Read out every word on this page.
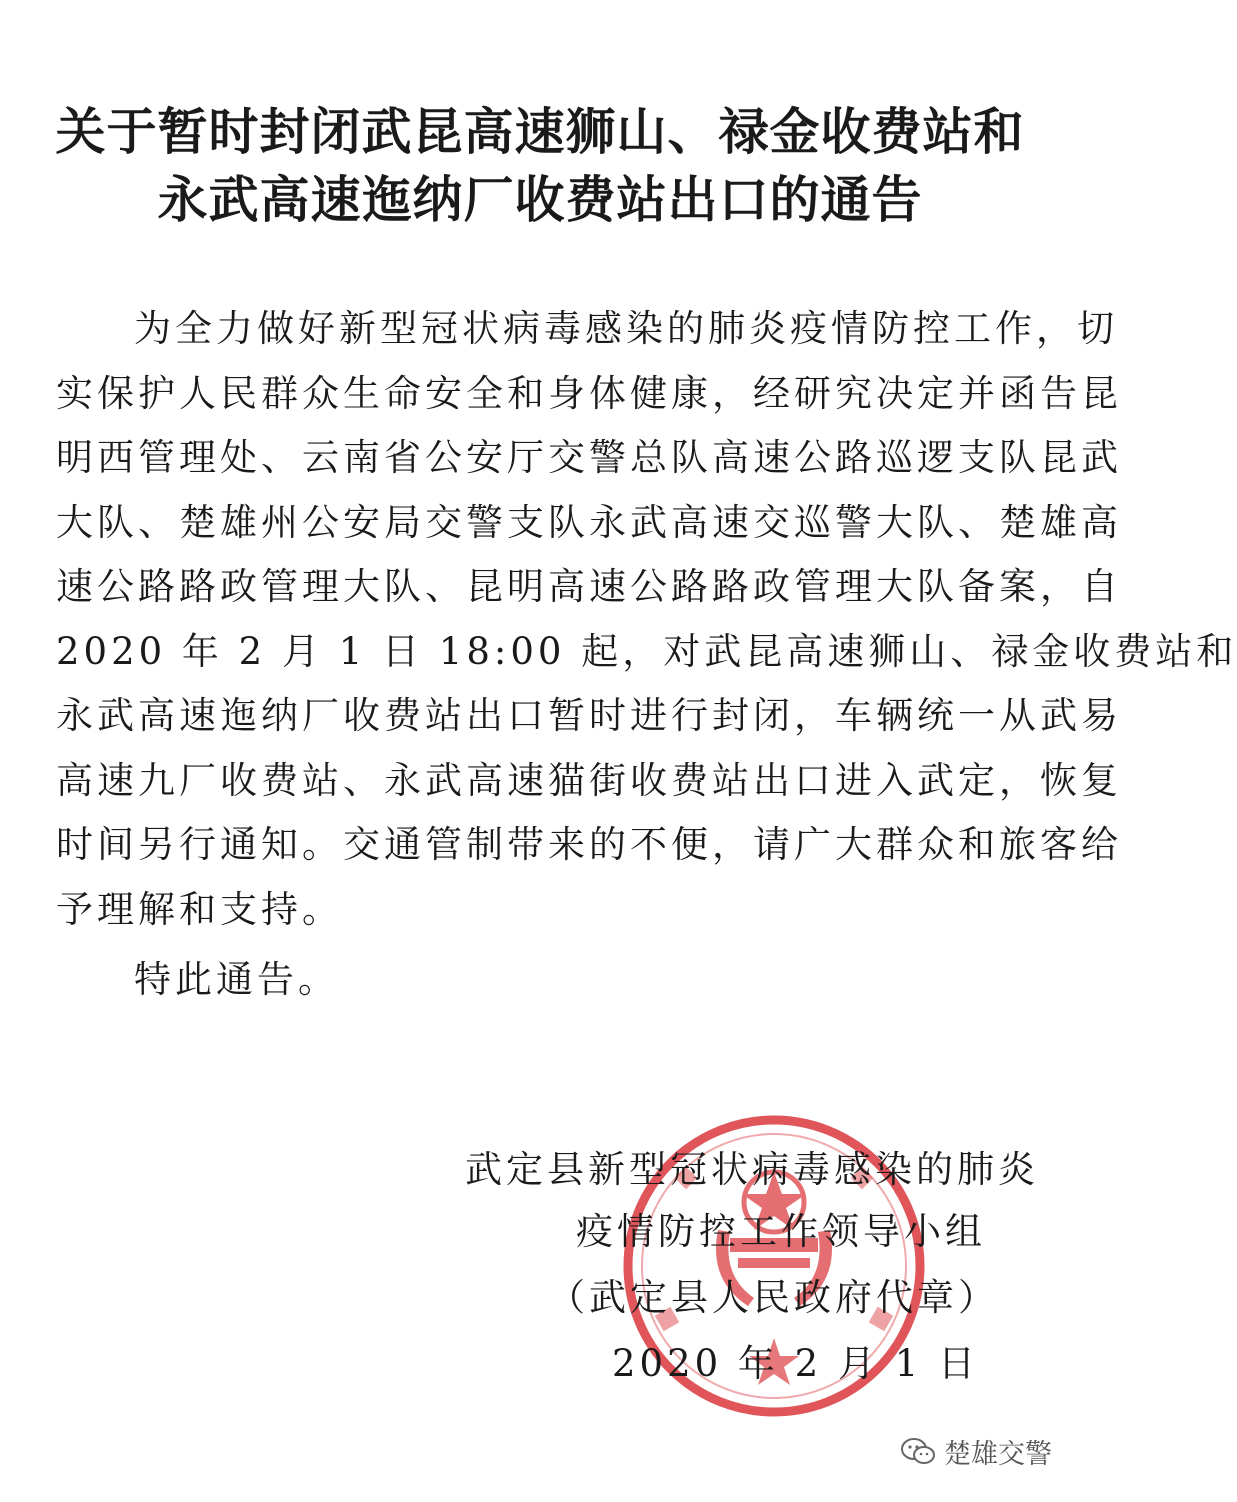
关于暂时封闭武昆高速狮山、禄金收费站和
永武高速迤纳厂收费站出口的通告
为全力做好新型冠状病毒感染的肺炎疫情防控工作，切
实保护人民群众生命安全和身体健康，经研究决定并函告昆
明西管理处、云南省公安厅交警总队高速公路巡逻支队昆武
大队、楚雄州公安局交警支队永武高速交巡警大队、楚雄高
速公路路政管理大队、昆明高速公路路政管理大队备案，自
2020 年 2 月 1 日 18:00 起，对武昆高速狮山、禄金收费站和
永武高速迤纳厂收费站出口暂时进行封闭，车辆统一从武易
高速九厂收费站、永武高速猫街收费站出口进入武定，恢复
时间另行通知。交通管制带来的不便，请广大群众和旅客给
予理解和支持。
特此通告。
武定县新型冠状病毒感染的肺炎
疫情防控工作领导小组
（武定县人民政府代章）
2020 年 2 月 1 日
楚雄交警
